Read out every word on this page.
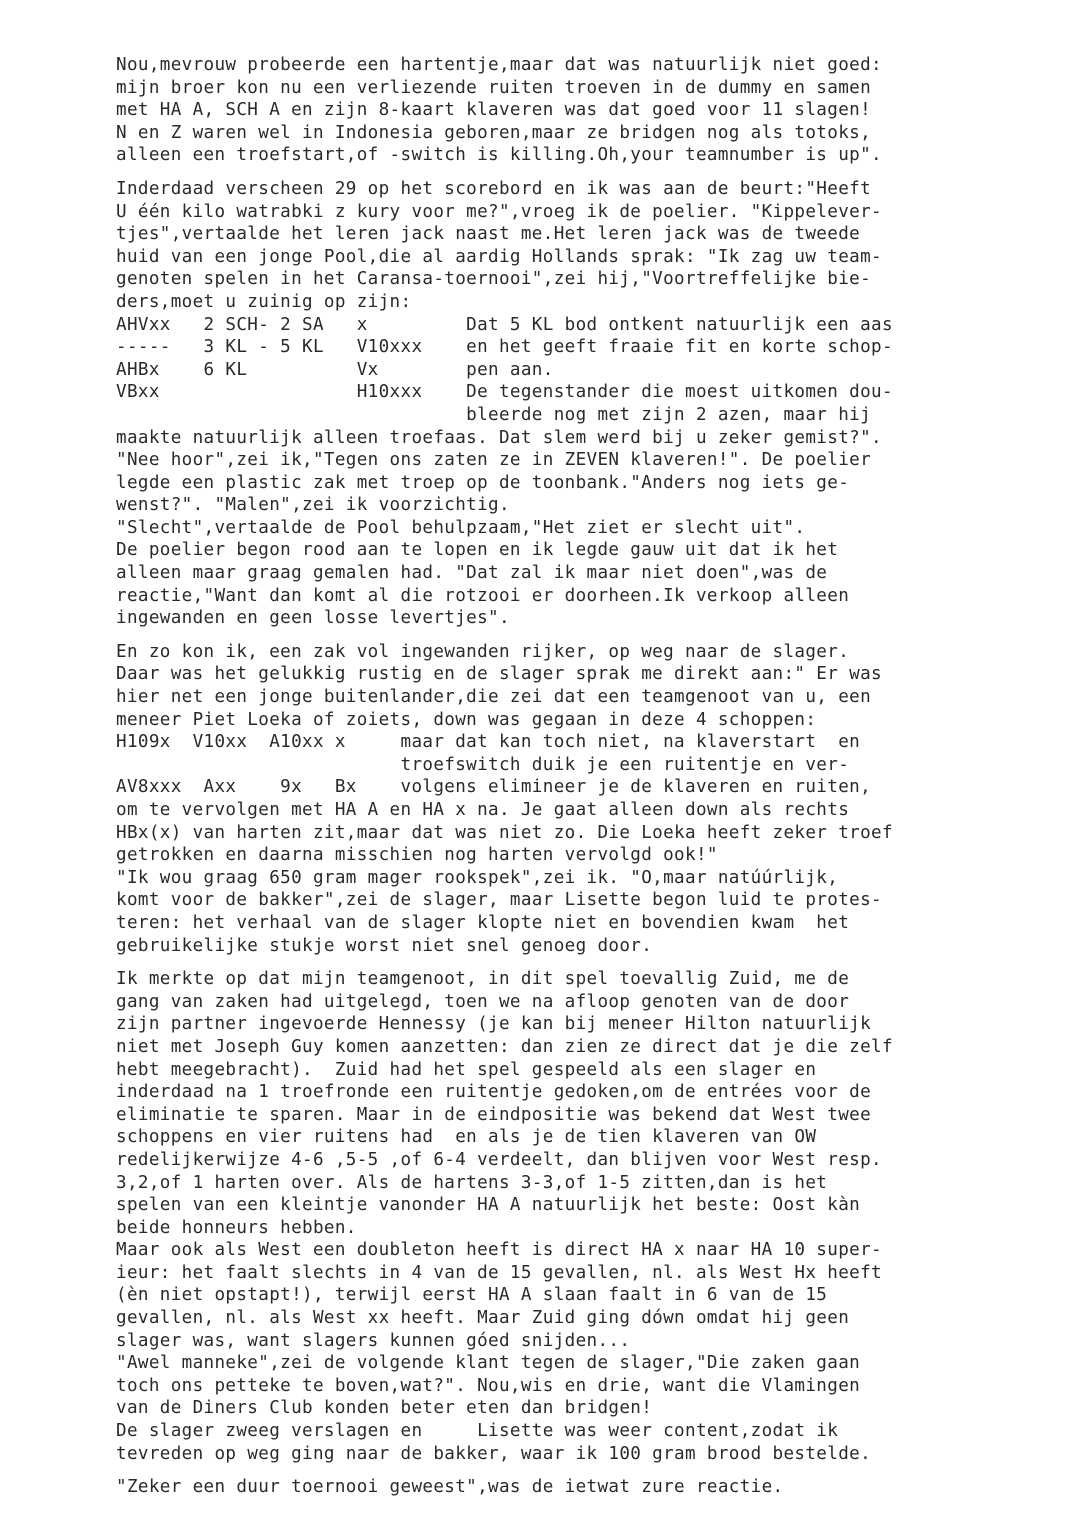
Nou,mevrouw probeerde een hartentje,maar dat was natuurlijk niet goed:
mijn broer kon nu een verliezende ruiten troeven in de dummy en samen
met HA A, SCH A en zijn 8-kaart klaveren was dat goed voor 11 slagen!
N en Z waren wel in Indonesia geboren,maar ze bridgen nog als totoks,
alleen een troefstart,of -switch is killing.Oh,your teamnumber is up".
Inderdaad verscheen 29 op het scorebord en ik was aan de beurt:"Heeft
U één kilo watrabki z kury voor me?",vroeg ik de poelier. "Kippelever-
tjes",vertaalde het leren jack naast me.Het leren jack was de tweede
huid van een jonge Pool,die al aardig Hollands sprak: "Ik zag uw team-
genoten spelen in het Caransa-toernooi",zei hij,"Voortreffelijke bie-
ders,moet u zuinig op zijn:
AHVxx   2 SCH- 2 SA   x         Dat 5 KL bod ontkent natuurlijk een aas
-----   3 KL - 5 KL   V10xxx    en het geeft fraaie fit en korte schop-
AHBx    6 KL          Vx        pen aan.
VBxx                  H10xxx    De tegenstander die moest uitkomen dou-
bleerde nog met zijn 2 azen, maar hij
maakte natuurlijk alleen troefaas. Dat slem werd bij u zeker gemist?".
"Nee hoor",zei ik,"Tegen ons zaten ze in ZEVEN klaveren!". De poelier
legde een plastic zak met troep op de toonbank."Anders nog iets ge-
wenst?". "Malen",zei ik voorzichtig.
"Slecht",vertaalde de Pool behulpzaam,"Het ziet er slecht uit".
De poelier begon rood aan te lopen en ik legde gauw uit dat ik het
alleen maar graag gemalen had. "Dat zal ik maar niet doen",was de
reactie,"Want dan komt al die rotzooi er doorheen.Ik verkoop alleen
ingewanden en geen losse levertjes".
En zo kon ik, een zak vol ingewanden rijker, op weg naar de slager.
Daar was het gelukkig rustig en de slager sprak me direkt aan:" Er was
hier net een jonge buitenlander,die zei dat een teamgenoot van u, een
meneer Piet Loeka of zoiets, down was gegaan in deze 4 schoppen:
H109x  V10xx  A10xx x     maar dat kan toch niet, na klaverstart  en
troefswitch duik je een ruitentje en ver-
AV8xxx  Axx    9x   Bx    volgens elimineer je de klaveren en ruiten,
om te vervolgen met HA A en HA x na. Je gaat alleen down als rechts
HBx(x) van harten zit,maar dat was niet zo. Die Loeka heeft zeker troef
getrokken en daarna misschien nog harten vervolgd ook!"
"Ik wou graag 650 gram mager rookspek",zei ik. "O,maar natúúrlijk,
komt voor de bakker",zei de slager, maar Lisette begon luid te protes-
teren: het verhaal van de slager klopte niet en bovendien kwam  het
gebruikelijke stukje worst niet snel genoeg door.
Ik merkte op dat mijn teamgenoot, in dit spel toevallig Zuid, me de
gang van zaken had uitgelegd, toen we na afloop genoten van de door
zijn partner ingevoerde Hennessy (je kan bij meneer Hilton natuurlijk
niet met Joseph Guy komen aanzetten: dan zien ze direct dat je die zelf
hebt meegebracht).  Zuid had het spel gespeeld als een slager en
inderdaad na 1 troefronde een ruitentje gedoken,om de entrées voor de
eliminatie te sparen. Maar in de eindpositie was bekend dat West twee
schoppens en vier ruitens had  en als je de tien klaveren van OW
redelijkerwijze 4-6 ,5-5 ,of 6-4 verdeelt, dan blijven voor West resp.
3,2,of 1 harten over. Als de hartens 3-3,of 1-5 zitten,dan is het
spelen van een kleintje vanonder HA A natuurlijk het beste: Oost kàn
beide honneurs hebben.
Maar ook als West een doubleton heeft is direct HA x naar HA 10 super-
ieur: het faalt slechts in 4 van de 15 gevallen, nl. als West Hx heeft
(èn niet opstapt!), terwijl eerst HA A slaan faalt in 6 van de 15
gevallen, nl. als West xx heeft. Maar Zuid ging dówn omdat hij geen
slager was, want slagers kunnen góed snijden...
"Awel manneke",zei de volgende klant tegen de slager,"Die zaken gaan
toch ons petteke te boven,wat?". Nou,wis en drie, want die Vlamingen
van de Diners Club konden beter eten dan bridgen!
De slager zweeg verslagen en     Lisette was weer content,zodat ik
tevreden op weg ging naar de bakker, waar ik 100 gram brood bestelde.
"Zeker een duur toernooi geweest",was de ietwat zure reactie.
